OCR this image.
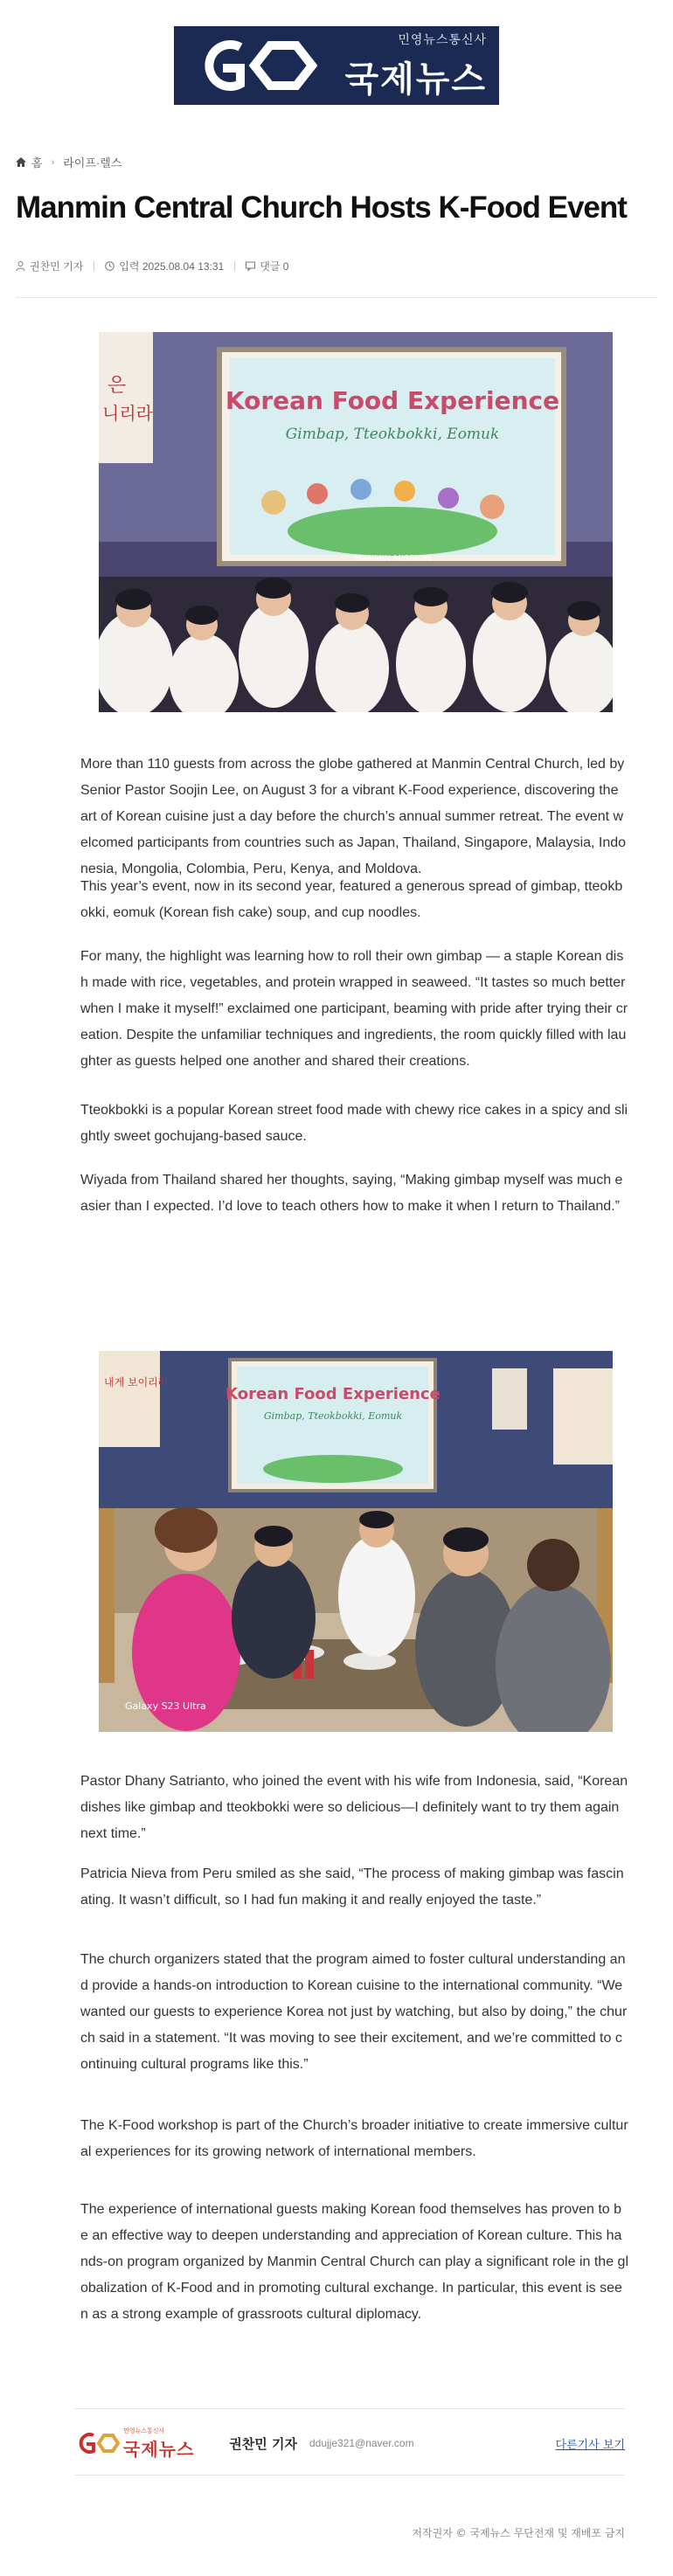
민영뉴스통신사
국제뉴스
홈 › 라이프·렐스
Manmin Central Church Hosts K-Food Event
권찬민 기자	입력 2025.08.04 13:31	댓글 0
은
니리라	Korean Food Experience
Gimbap, Tteokbokki, Eomuk
MANMIN MISSION

More than 110 guests from across the globe gathered at Manmin Central Church, led by Senior Pastor Soojin Lee, on August 3 for a vibrant K-Food experience, discovering the art of Korean cuisine just a day before the church’s annual summer retreat. The event welcomed participants from countries such as Japan, Thailand, Singapore, Malaysia, Indonesia, Mongolia, Colombia, Peru, Kenya, and Moldova.

This year’s event, now in its second year, featured a generous spread of gimbap, tteokbokki, eomuk (Korean fish cake) soup, and cup noodles.

For many, the highlight was learning how to roll their own gimbap — a staple Korean dish made with rice, vegetables, and protein wrapped in seaweed. “It tastes so much better when I make it myself!” exclaimed one participant, beaming with pride after trying their creation. Despite the unfamiliar techniques and ingredients, the room quickly filled with laughter as guests helped one another and shared their creations.

Tteokbokki is a popular Korean street food made with chewy rice cakes in a spicy and slightly sweet gochujang-based sauce.

Wiyada from Thailand shared her thoughts, saying, “Making gimbap myself was much easier than I expected. I’d love to teach others how to make it when I return to Thailand.”

내게 보이리라
Korean Food Experience
Gimbap, Tteokbokki, Eomuk
Galaxy S23 Ultra

Pastor Dhany Satrianto, who joined the event with his wife from Indonesia, said, “Korean dishes like gimbap and tteokbokki were so delicious—I definitely want to try them again next time.”

Patricia Nieva from Peru smiled as she said, “The process of making gimbap was fascinating. It wasn’t difficult, so I had fun making it and really enjoyed the taste.”

The church organizers stated that the program aimed to foster cultural understanding and provide a hands-on introduction to Korean cuisine to the international community. “We wanted our guests to experience Korea not just by watching, but also by doing,” the church said in a statement. “It was moving to see their excitement, and we’re committed to continuing cultural programs like this.”

The K-Food workshop is part of the Church’s broader initiative to create immersive cultural experiences for its growing network of international members.

The experience of international guests making Korean food themselves has proven to be an effective way to deepen understanding and appreciation of Korean culture. This hands-on program organized by Manmin Central Church can play a significant role in the globalization of K-Food and in promoting cultural exchange. In particular, this event is seen as a strong example of grassroots cultural diplomacy.

민영뉴스통신사
국제뉴스	권찬민 기자 ddujje321@naver.com	다른기사 보기
저작권자 © 국제뉴스 무단전재 및 재배포 금지
